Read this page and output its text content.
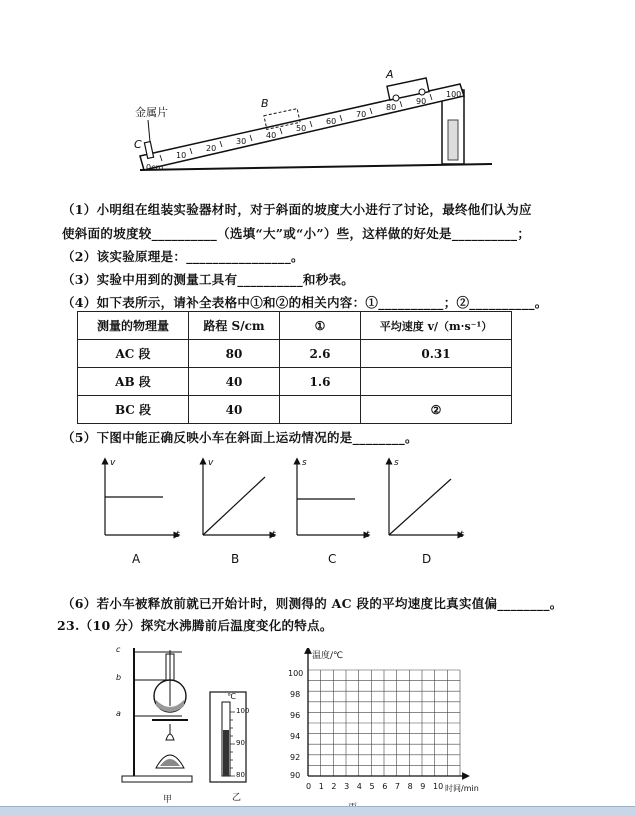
金属片
A
B
C
0cm
10
20
30
40
50
60
70
80
90
100
（1）小明组在组装实验器材时，对于斜面的坡度大小进行了讨论，最终他们认为应
使斜面的坡度较__________（选填“大”或“小”）些，这样做的好处是__________；
（2）该实验原理是：________________。
（3）实验中用到的测量工具有__________和秒表。
（4）如下表所示，请补全表格中①和②的相关内容：①__________；②__________。
测量的物理量	路程 S/cm	①	平均速度 v/（m·s⁻¹）
AC 段	80	2.6	0.31
AB 段	40	1.6	
BC 段	40		②
（5）下图中能正确反映小车在斜面上运动情况的是________。
v
t
v
t
s
t
s
t
A	B	C	D
（6）若小车被释放前就已开始计时，则测得的 AC 段的平均速度比真实值偏________。
23.（10 分）探究水沸腾前后温度变化的特点。
c
b
a
甲
℃
100
90
80
乙
温度/℃
时间/min
100
98
96
94
92
90
0 1 2 3 4 5 6 7 8 9 10
